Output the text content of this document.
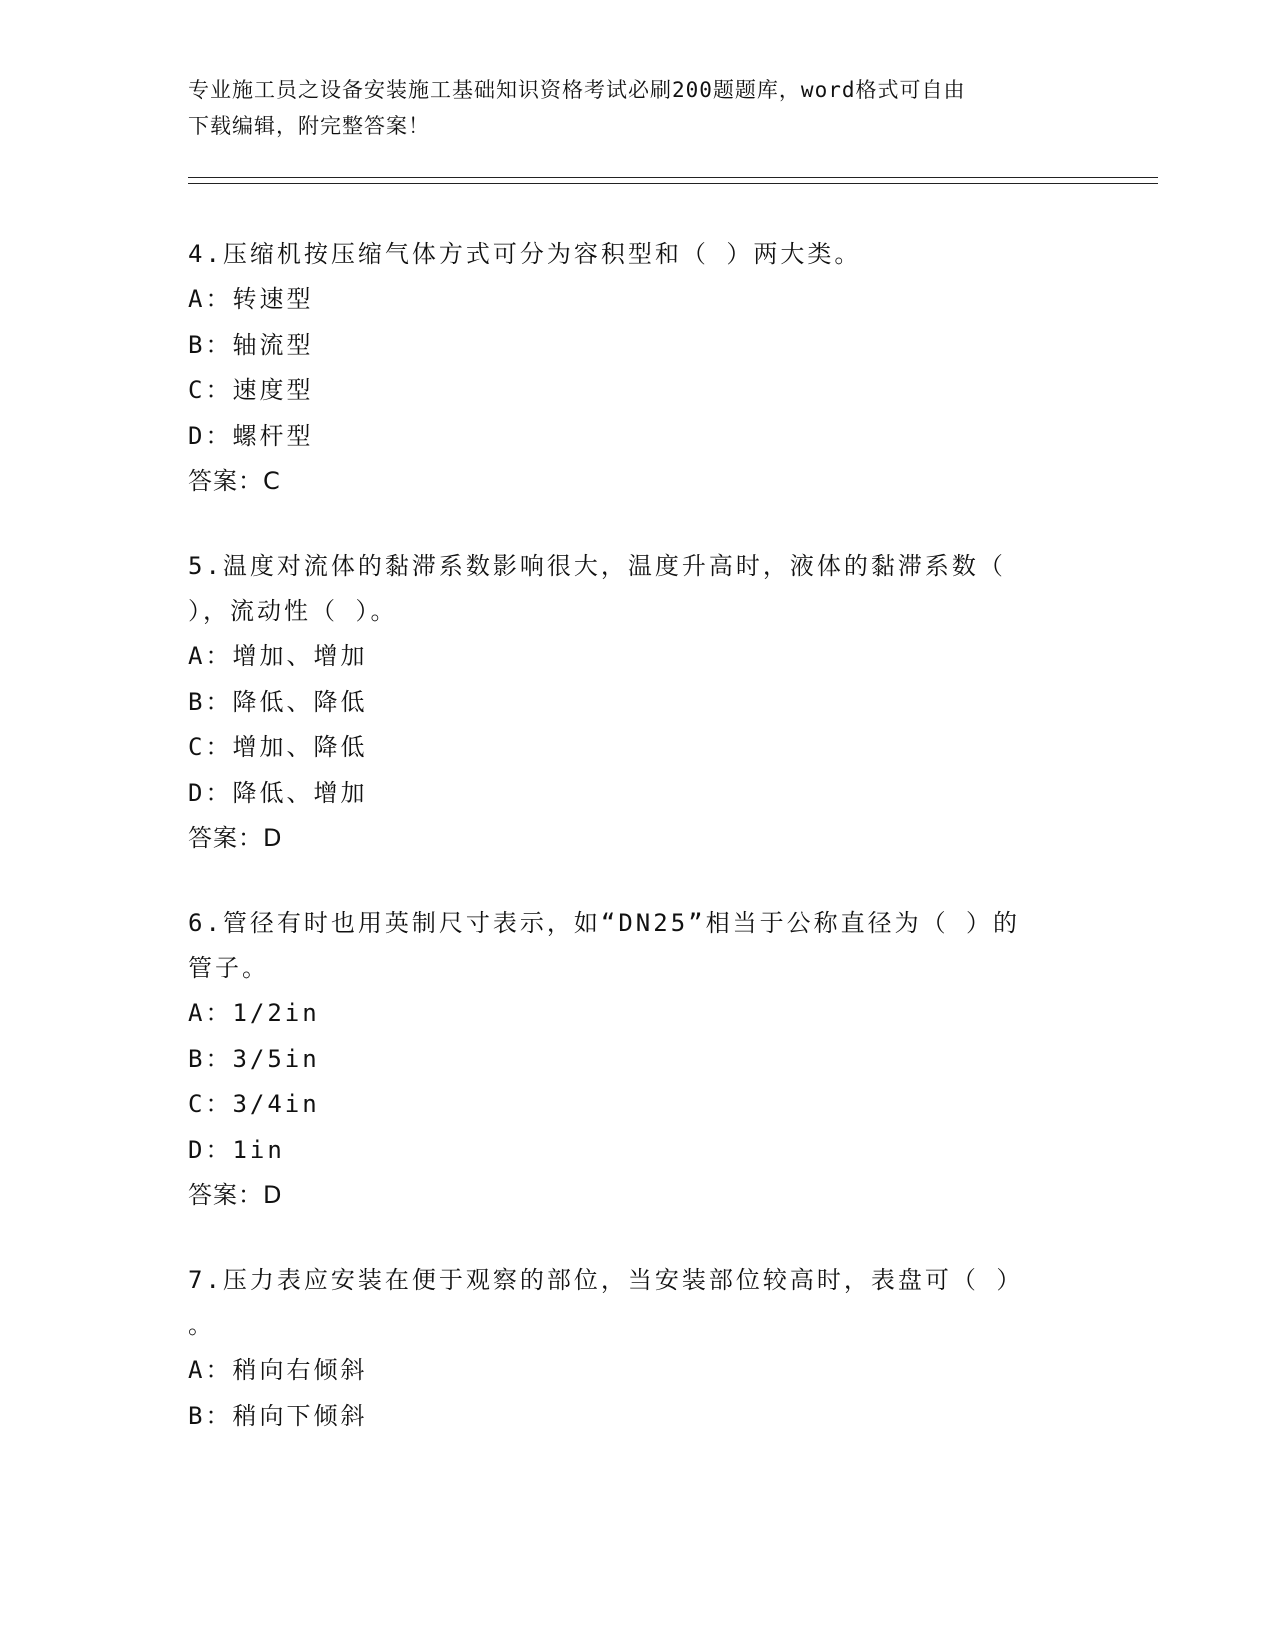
专业施工员之设备安装施工基础知识资格考试必刷200题题库，word格式可自由
下载编辑，附完整答案！

4.压缩机按压缩气体方式可分为容积型和（ ）两大类。

A：转速型

B：轴流型

C：速度型

D：螺杆型

答案：C

5.温度对流体的黏滞系数影响很大，温度升高时，液体的黏滞系数（

），流动性（ ）。

A：增加、增加

B：降低、降低

C：增加、降低

D：降低、增加

答案：D

6.管径有时也用英制尺寸表示，如“DN25”相当于公称直径为（ ）的

管子。

A：1/2in

B：3/5in

C：3/4in

D：1in

答案：D

7.压力表应安装在便于观察的部位，当安装部位较高时，表盘可（ ）

。

A：稍向右倾斜

B：稍向下倾斜
